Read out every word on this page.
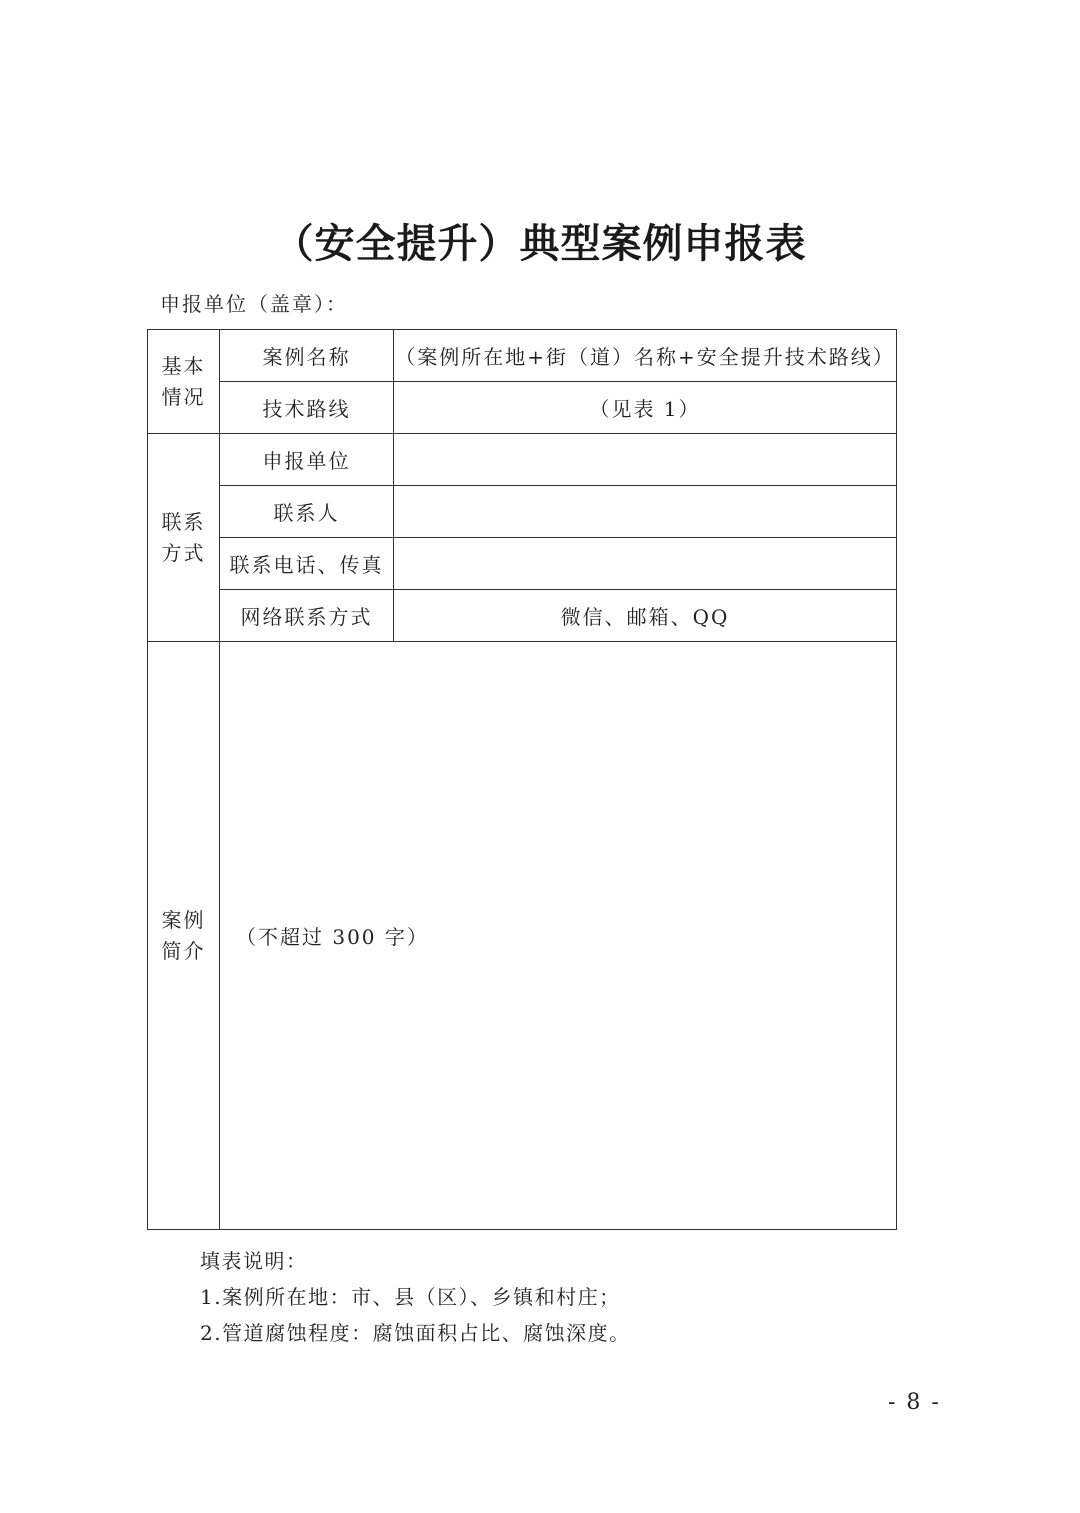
（安全提升）典型案例申报表
申报单位（盖章）：
基本
情况	案例名称	（案例所在地+街（道）名称+安全提升技术路线）
	技术路线	（见表 1）

联系
方式	申报单位	
	联系人	
	联系电话、传真	
	网络联系方式	微信、邮箱、QQ

案例
简介	（不超过 300 字）	
填表说明：
1.案例所在地：市、县（区）、乡镇和村庄；
2.管道腐蚀程度：腐蚀面积占比、腐蚀深度。
- 8 -
